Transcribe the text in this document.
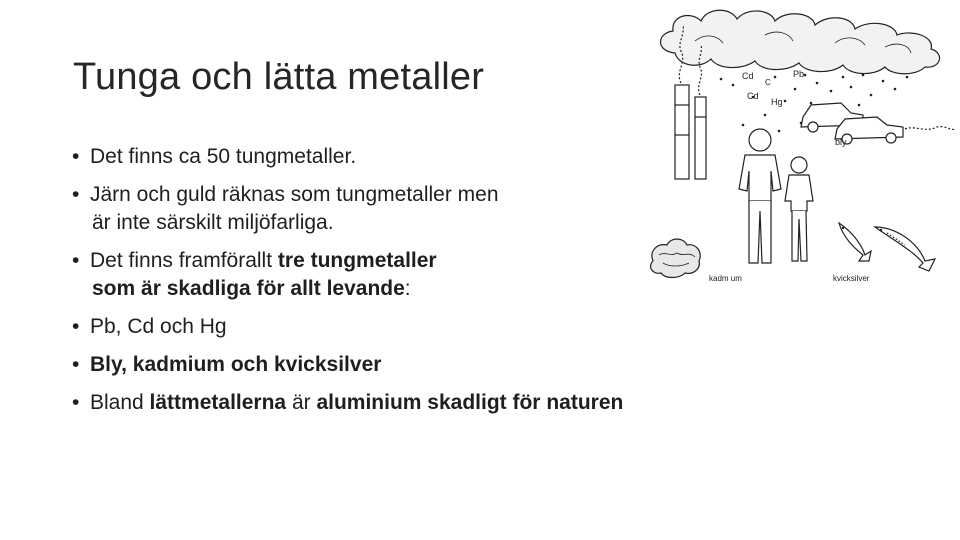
Tunga och lätta metaller
• Det finns ca 50 tungmetaller.
• Järn och guld räknas som tungmetaller men
är inte särskilt miljöfarliga.
• Det finns framförallt tre tungmetaller
som är skadliga för allt levande:
• Pb, Cd och Hg
• Bly, kadmium och kvicksilver
• Bland lättmetallerna är aluminium skadligt för naturen
Cd	Pb
C
Cd
Hg
bly
kadm um	kvicksilver
